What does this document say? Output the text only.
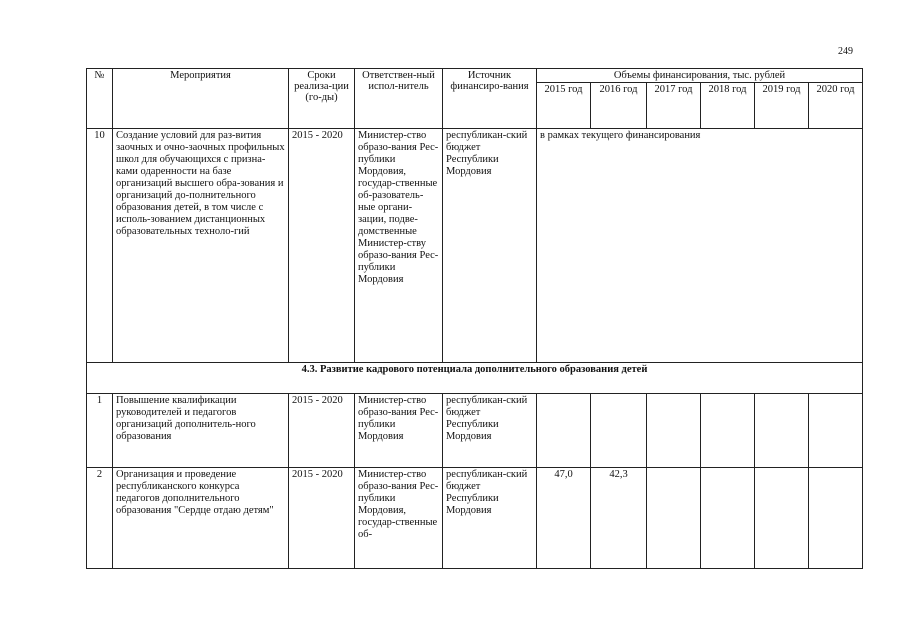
249
№	Мероприятия	Сроки реализа-ции (го-ды)	Ответствен-ный испол-нитель	Источник финансиро-вания	Объемы финансирования, тыс. рублей					
					2015 год	2016 год	2017 год	2018 год	2019 год	2020 год
10	Создание условий для раз-вития заочных и очно-заочных профильных школ для обучающихся с призна-ками одаренности на базе организаций высшего обра-зования и организаций до-полнительного образования детей, в том числе с исполь-зованием дистанционных образовательных техноло-гий	2015 - 2020	Министер-ство образо-вания Рес-публики Мордовия, государ-ственные об-разователь-ные органи-зации, подве-домственные Министер-ству образо-вания Рес-публики Мордовия	республикан-ский бюджет Республики Мордовия	в рамках текущего финансирования					
4.3. Развитие кадрового потенциала дополнительного образования детей										
1	Повышение квалификации руководителей и педагогов организаций дополнитель-ного образования	2015 - 2020	Министер-ство образо-вания Рес-публики Мордовия	республикан-ский бюджет Республики Мордовия						
2	Организация и проведение республиканского конкурса педагогов дополнительного образования "Сердце отдаю детям"	2015 - 2020	Министер-ство образо-вания Рес-публики Мордовия, государ-ственные об-	республикан-ский бюджет Республики Мордовия	47,0	42,3				
